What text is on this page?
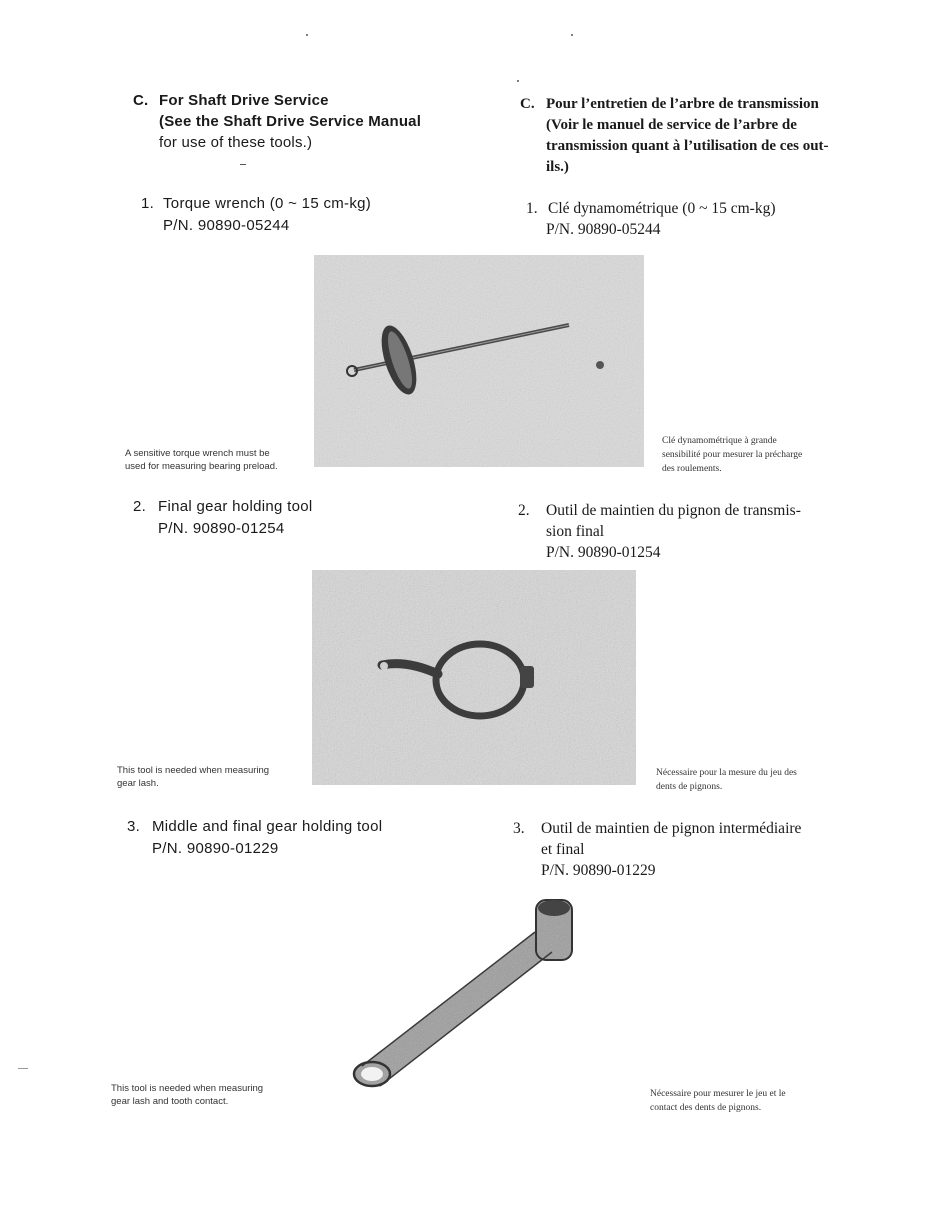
C. For Shaft Drive Service
(See the Shaft Drive Service Manual
for use of these tools.)
C. Pour l’entretien de l’arbre de transmission
(Voir le manuel de service de l’arbre de
transmission quant à l’utilisation de ces out-
ils.)
1. Torque wrench (0 ~ 15 cm-kg)
P/N. 90890-05244
1. Clé dynamométrique (0 ~ 15 cm-kg)
P/N. 90890-05244
A sensitive torque wrench must be
used for measuring bearing preload.
Clé dynamométrique à grande
sensibilité pour mesurer la précharge
des roulements.
2. Final gear holding tool
P/N. 90890-01254
2. Outil de maintien du pignon de transmis-
sion final
P/N. 90890-01254
This tool is needed when measuring
gear lash.
Nécessaire pour la mesure du jeu des
dents de pignons.
3. Middle and final gear holding tool
P/N. 90890-01229
3. Outil de maintien de pignon intermédiaire
et final
P/N. 90890-01229
This tool is needed when measuring
gear lash and tooth contact.
Nécessaire pour mesurer le jeu et le
contact des dents de pignons.
